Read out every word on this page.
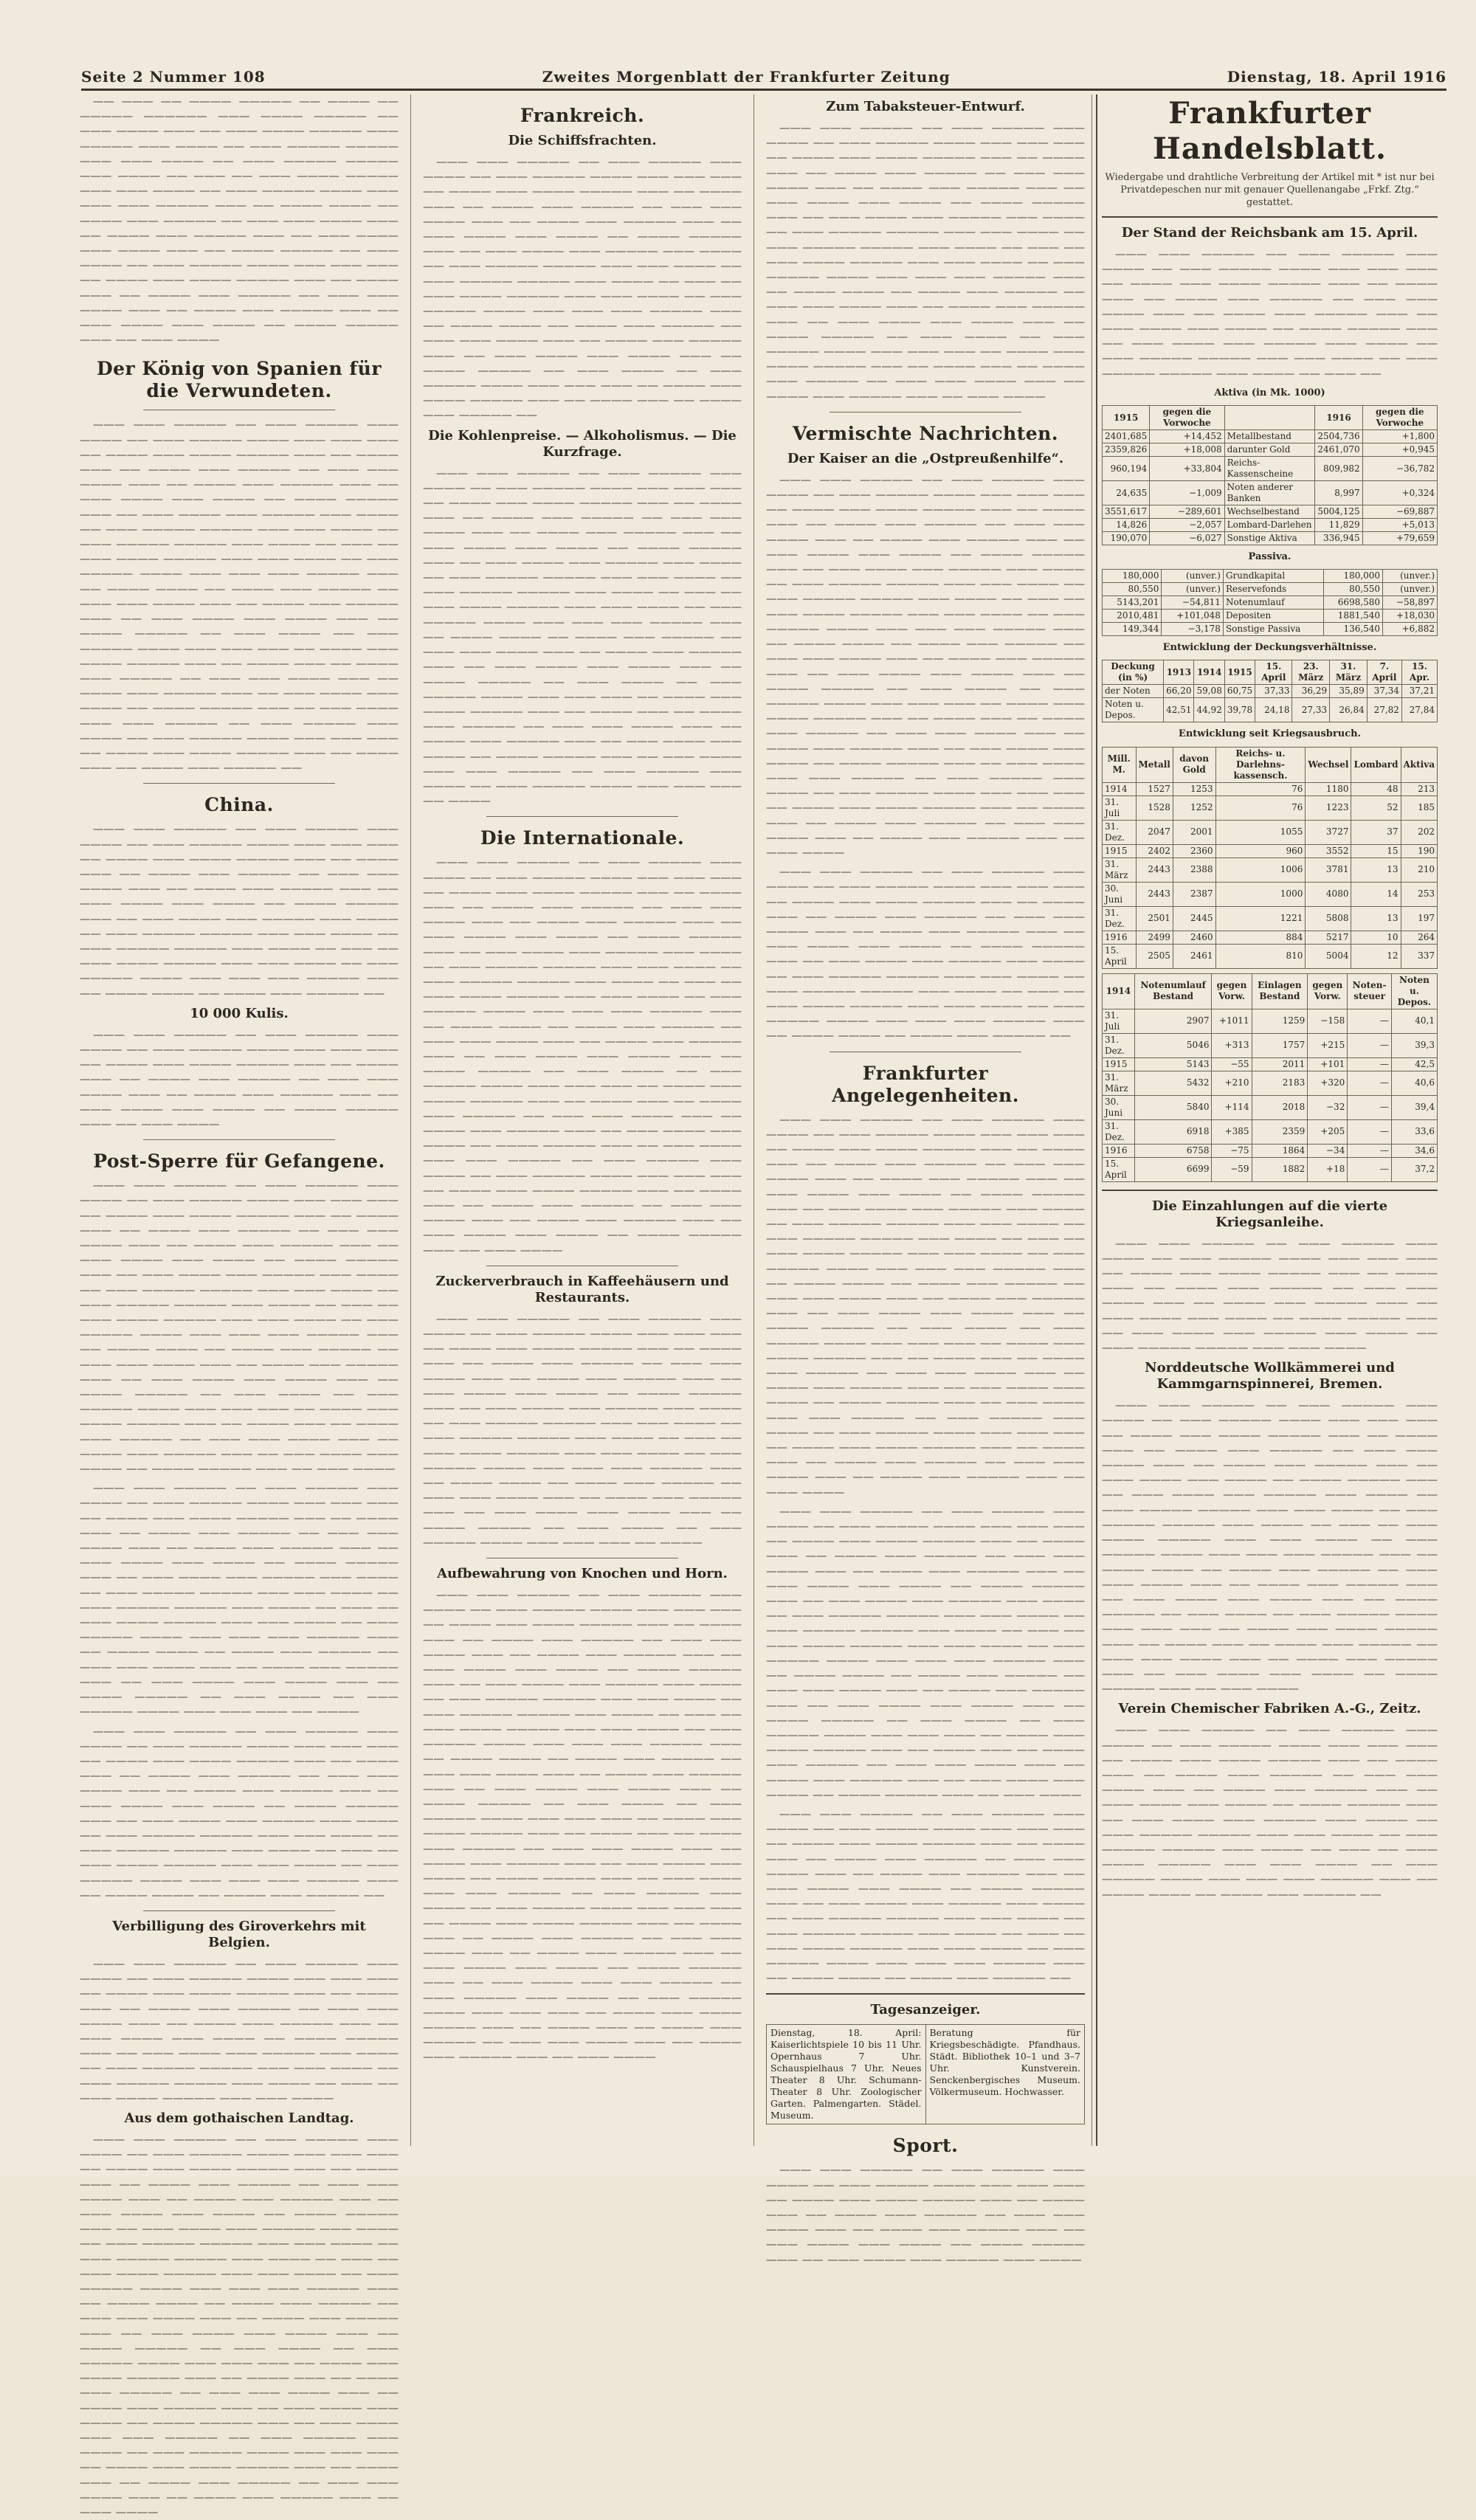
Seite 2 Nummer 108	Zweites Morgenblatt der Frankfurter Zeitung	Dienstag, 18. April 1916

—— ——— —— ———— ————— —— ———— —— ————— —————— ——— ———— ————— —— ——— ———— ——— —— ——— ———— ————— ——— ————— ——— ———— —— ——— ————— ————— ——— ——— ———— —— ——— ————— ————— ——— ———— —— ——— —— ——— ———— ————— ——— ——— ———— —— ——— ————— ———— ——— ——— ——— ————— ——— —— ———— ———— —— ———— ——— ————— —— ——— ——— ———— ——— —— ———— ——— ————— ——— —— ——— ———— ——— ———— ——— —— ———— ————— —— ——— ———— —— ——— ————— ———— ——— ——— ——— —— ———— ——— ———— ————— ——— —— ———— ——— —— ———— ——— ————— —— ——— ——— ———— ——— —— ———— ——— ————— ——— —— ——— ———— ——— ———— —— ———— ————— ——— —— ——— ————

Der König von Spanien für die Verwundeten.

——— ——— ————— —— ——— ————— ——— ———— —— ——— ————— ———— ——— ——— ——— —— ———— ——— ———— ————— ——— —— ———— ——— —— ———— ——— ————— —— ——— ——— ———— ——— —— ———— ——— ————— ——— —— ——— ———— ——— ———— —— ———— ————— ——— —— ——— ———— ——— ————— ——— ———— —— ——— ————— ————— ——— ——— ———— —— ——— ————— ————— ——— ———— —— ——— —— ——— ———— ————— ——— ——— ———— —— ——— ————— ———— ——— ——— ——— ————— ——— —— ———— ———— —— ———— ——— ————— —— ——— ——— ———— ——— —— ———— ——— ————— ——— —— ——— ———— ——— ———— ——— —— ———— ————— —— ——— ———— —— ——— ————— ———— ——— ——— ——— —— ———— ——— ———— ————— ——— —— ———— ——— —— ———— ——— ————— —— ——— ——— ———— ——— —— ———— ——— ————— ——— —— ——— ———— ——— ———— —— ———— ————— ——— —— ——— ———— ——— ——— ————— —— ——— ————— ——— ———— —— ——— ————— ———— ——— ——— ——— —— ———— ——— ———— ————— ——— —— ———— ——— —— ———— ——— ————— ——

China.

——— ——— ————— —— ——— ————— ——— ———— —— ——— ————— ———— ——— ——— ——— —— ———— ——— ———— ————— ——— —— ———— ——— —— ———— ——— ————— —— ——— ——— ———— ——— —— ———— ——— ————— ——— —— ——— ———— ——— ———— —— ———— ————— ——— —— ——— ———— ——— ————— ——— ———— —— ——— ————— ————— ——— ——— ———— —— ——— ————— ————— ——— ———— —— ——— —— ——— ———— ————— ——— ——— ———— —— ——— ————— ———— ——— ——— ——— ————— ——— —— ———— ———— —— ———— ——— ————— ——

10 000 Kulis.

——— ——— ————— —— ——— ————— ——— ———— —— ——— ————— ———— ——— ——— ——— —— ———— ——— ———— ————— ——— —— ———— ——— —— ———— ——— ————— —— ——— ——— ———— ——— —— ———— ——— ————— ——— —— ——— ———— ——— ———— —— ———— ————— ——— —— ——— ————

Post-Sperre für Gefangene.

——— ——— ————— —— ——— ————— ——— ———— —— ——— ————— ———— ——— ——— ——— —— ———— ——— ———— ————— ——— —— ———— ——— —— ———— ——— ————— —— ——— ——— ———— ——— —— ———— ——— ————— ——— —— ——— ———— ——— ———— —— ———— ————— ——— —— ——— ———— ——— ————— ——— ———— —— ——— ————— ————— ——— ——— ———— —— ——— ————— ————— ——— ———— —— ——— —— ——— ———— ————— ——— ——— ———— —— ——— ————— ———— ——— ——— ——— ————— ——— —— ———— ———— —— ———— ——— ————— —— ——— ——— ———— ——— —— ———— ——— ————— ——— —— ——— ———— ——— ———— ——— —— ———— ————— —— ——— ———— —— ——— ————— ———— ——— ——— ——— —— ———— ——— ———— ————— ——— —— ———— ——— —— ———— ——— ————— —— ——— ——— ———— ——— —— ———— ——— ————— ——— —— ——— ———— ——— ———— —— ———— ————— ——— —— ——— ————

——— ——— ————— —— ——— ————— ——— ———— —— ——— ————— ———— ——— ——— ——— —— ———— ——— ———— ————— ——— —— ———— ——— —— ———— ——— ————— —— ——— ——— ———— ——— —— ———— ——— ————— ——— —— ——— ———— ——— ———— —— ———— ————— ——— —— ——— ———— ——— ————— ——— ———— —— ——— ————— ————— ——— ——— ———— —— ——— ————— ————— ——— ———— —— ——— —— ——— ———— ————— ——— ——— ———— —— ——— ————— ———— ——— ——— ——— ————— ——— —— ———— ———— —— ———— ——— ————— —— ——— ——— ———— ——— —— ———— ——— ————— ——— —— ——— ———— ——— ———— ——— —— ———— ————— —— ——— ———— —— ——— ————— ———— ——— ——— ——— —— ————

——— ——— ————— —— ——— ————— ——— ———— —— ——— ————— ———— ——— ——— ——— —— ———— ——— ———— ————— ——— —— ———— ——— —— ———— ——— ————— —— ——— ——— ———— ——— —— ———— ——— ————— ——— —— ——— ———— ——— ———— —— ———— ————— ——— —— ——— ———— ——— ————— ——— ———— —— ——— ————— ————— ——— ——— ———— —— ——— ————— ————— ——— ———— —— ——— —— ——— ———— ————— ——— ——— ———— —— ——— ————— ———— ——— ——— ——— ————— ——— —— ———— ———— —— ———— ——— ————— ——

Verbilligung des Giroverkehrs mit Belgien.

——— ——— ————— —— ——— ————— ——— ———— —— ——— ————— ———— ——— ——— ——— —— ———— ——— ———— ————— ——— —— ———— ——— —— ———— ——— ————— —— ——— ——— ———— ——— —— ———— ——— ————— ——— —— ——— ———— ——— ———— —— ———— ————— ——— —— ——— ———— ——— ————— ——— ———— —— ——— ————— ————— ——— ——— ———— —— ——— ————— ————— ——— ———— —— ——— —— ——— ———— ————— ——— ——— ————

Aus dem gothaischen Landtag.

——— ——— ————— —— ——— ————— ——— ———— —— ——— ————— ———— ——— ——— ——— —— ———— ——— ———— ————— ——— —— ———— ——— —— ———— ——— ————— —— ——— ——— ———— ——— —— ———— ——— ————— ——— —— ——— ———— ——— ———— —— ———— ————— ——— —— ——— ———— ——— ————— ——— ———— —— ——— ————— ————— ——— ——— ———— —— ——— ————— ————— ——— ———— —— ——— —— ——— ———— ————— ——— ——— ———— —— ——— ————— ———— ——— ——— ——— ————— ——— —— ———— ———— —— ———— ——— ————— —— ——— ——— ———— ——— —— ———— ——— ————— ——— —— ——— ———— ——— ———— ——— —— ———— ————— —— ——— ———— —— ——— ————— ———— ——— ——— ——— —— ———— ——— ———— ————— ——— —— ———— ——— —— ———— ——— ————— —— ——— ——— ———— ——— —— ———— ——— ————— ——— —— ——— ———— ——— ———— —— ———— ————— ——— —— ——— ———— ——— ——— ————— —— ——— ————— ——— ———— —— ——— ————— ———— ——— ——— ——— —— ———— ——— ———— ————— ——— —— ———— ——— —— ———— ——— ————— —— ——— ——— ———— ——— —— ———— ——— ————— ——— —— ——— ————

Frankreich.
Die Schiffsfrachten.

——— ——— ————— —— ——— ————— ——— ———— —— ——— ————— ———— ——— ——— ——— —— ———— ——— ———— ————— ——— —— ———— ——— —— ———— ——— ————— —— ——— ——— ———— ——— —— ———— ——— ————— ——— —— ——— ———— ——— ———— —— ———— ————— ——— —— ——— ———— ——— ————— ——— ———— —— ——— ————— ————— ——— ——— ———— —— ——— ————— ————— ——— ———— —— ——— —— ——— ———— ————— ——— ——— ———— —— ——— ————— ———— ——— ——— ——— ————— ——— —— ———— ———— —— ———— ——— ————— —— ——— ——— ———— ——— —— ———— ——— ————— ——— —— ——— ———— ——— ———— ——— —— ———— ————— —— ——— ———— —— ——— ————— ———— ——— ——— ——— —— ———— ——— ———— ————— ——— —— ———— ——— —— ———— ——— ————— ——

Die Kohlenpreise. — Alkoholismus. — Die Kurzfrage.

——— ——— ————— —— ——— ————— ——— ———— —— ——— ————— ———— ——— ——— ——— —— ———— ——— ———— ————— ——— —— ———— ——— —— ———— ——— ————— —— ——— ——— ———— ——— —— ———— ——— ————— ——— —— ——— ———— ——— ———— —— ———— ————— ——— —— ——— ———— ——— ————— ——— ———— —— ——— ————— ————— ——— ——— ———— —— ——— ————— ————— ——— ———— —— ——— —— ——— ———— ————— ——— ——— ———— —— ——— ————— ———— ——— ——— ——— ————— ——— —— ———— ———— —— ———— ——— ————— —— ——— ——— ———— ——— —— ———— ——— ————— ——— —— ——— ———— ——— ———— ——— —— ———— ————— —— ——— ———— —— ——— ————— ———— ——— ——— ——— —— ———— ——— ———— ————— ——— —— ———— ——— —— ———— ——— ————— —— ——— ——— ———— ——— —— ———— ——— ————— ——— —— ——— ———— ——— ———— —— ———— ————— ——— —— ——— ———— ——— ——— ————— —— ——— ————— ——— ———— —— ——— ————— ———— ——— ——— ——— —— ————

Die Internationale.

——— ——— ————— —— ——— ————— ——— ———— —— ——— ————— ———— ——— ——— ——— —— ———— ——— ———— ————— ——— —— ———— ——— —— ———— ——— ————— —— ——— ——— ———— ——— —— ———— ——— ————— ——— —— ——— ———— ——— ———— —— ———— ————— ——— —— ——— ———— ——— ————— ——— ———— —— ——— ————— ————— ——— ——— ———— —— ——— ————— ————— ——— ———— —— ——— —— ——— ———— ————— ——— ——— ———— —— ——— ————— ———— ——— ——— ——— ————— ——— —— ———— ———— —— ———— ——— ————— —— ——— ——— ———— ——— —— ———— ——— ————— ——— —— ——— ———— ——— ———— ——— —— ———— ————— —— ——— ———— —— ——— ————— ———— ——— ——— ——— —— ———— ——— ———— ————— ——— —— ———— ——— —— ———— ——— ————— —— ——— ——— ———— ——— —— ———— ——— ————— ——— —— ——— ———— ——— ———— —— ———— ————— ——— —— ——— ———— ——— ——— ————— —— ——— ————— ——— ———— —— ——— ————— ———— ——— ——— ——— —— ———— ——— ———— ————— ——— —— ———— ——— —— ———— ——— ————— —— ——— ——— ———— ——— —— ———— ——— ————— ——— —— ——— ———— ——— ———— —— ———— ————— ——— —— ——— ————

Zuckerverbrauch in Kaffeehäusern und Restaurants.

——— ——— ————— —— ——— ————— ——— ———— —— ——— ————— ———— ——— ——— ——— —— ———— ——— ———— ————— ——— —— ———— ——— —— ———— ——— ————— —— ——— ——— ———— ——— —— ———— ——— ————— ——— —— ——— ———— ——— ———— —— ———— ————— ——— —— ——— ———— ——— ————— ——— ———— —— ——— ————— ————— ——— ——— ———— —— ——— ————— ————— ——— ———— —— ——— —— ——— ———— ————— ——— ——— ———— —— ——— ————— ———— ——— ——— ——— ————— ——— —— ———— ———— —— ———— ——— ————— —— ——— ——— ———— ——— —— ———— ——— ————— ——— —— ——— ———— ——— ———— ——— —— ———— ————— —— ——— ———— —— ——— ————— ———— ——— ——— ——— —— ————

Aufbewahrung von Knochen und Horn.

——— ——— ————— —— ——— ————— ——— ———— —— ——— ————— ———— ——— ——— ——— —— ———— ——— ———— ————— ——— —— ———— ——— —— ———— ——— ————— —— ——— ——— ———— ——— —— ———— ——— ————— ——— —— ——— ———— ——— ———— —— ———— ————— ——— —— ——— ———— ——— ————— ——— ———— —— ——— ————— ————— ——— ——— ———— —— ——— ————— ————— ——— ———— —— ——— —— ——— ———— ————— ——— ——— ———— —— ——— ————— ———— ——— ——— ——— ————— ——— —— ———— ———— —— ———— ——— ————— —— ——— ——— ———— ——— —— ———— ——— ————— ——— —— ——— ———— ——— ———— ——— —— ———— ————— —— ——— ———— —— ——— ————— ———— ——— ——— ——— —— ———— ——— ———— ————— ——— —— ———— ——— —— ———— ——— ————— —— ——— ——— ———— ——— —— ———— ——— ————— ——— —— ——— ———— ——— ———— —— ———— ————— ——— —— ——— ———— ——— ——— ————— —— ——— ————— ——— ———— —— ——— ————— ———— ——— ——— ——— —— ———— ——— ———— ————— ——— —— ———— ——— —— ———— ——— ————— —— ——— ——— ———— ——— —— ———— ——— ————— ——— —— ——— ———— ——— ———— —— ———— ————— ——— —— ——— ———— ——— ——— ————— —— ——— ————— ——— ———— —— ——— ————— ———— ——— ——— ——— —— ———— ——— ———— ————— ——— —— ———— ——— —— ———— ——— ————— —— ——— ——— ———— ——— —— ———— ——— ————— ——— —— ——— ————

Zum Tabaksteuer-Entwurf.

——— ——— ————— —— ——— ————— ——— ———— —— ——— ————— ———— ——— ——— ——— —— ———— ——— ———— ————— ——— —— ———— ——— —— ———— ——— ————— —— ——— ——— ———— ——— —— ———— ——— ————— ——— —— ——— ———— ——— ———— —— ———— ————— ——— —— ——— ———— ——— ————— ——— ———— —— ——— ————— ————— ——— ——— ———— —— ——— ————— ————— ——— ———— —— ——— —— ——— ———— ————— ——— ——— ———— —— ——— ————— ———— ——— ——— ——— ————— ——— —— ———— ———— —— ———— ——— ————— —— ——— ——— ———— ——— —— ———— ——— ————— ——— —— ——— ———— ——— ———— ——— —— ———— ————— —— ——— ———— —— ——— ————— ———— ——— ——— ——— —— ———— ——— ———— ————— ——— —— ———— ——— —— ———— ——— ————— —— ——— ——— ———— ——— —— ———— ——— ————— ——— —— ——— ————

Vermischte Nachrichten.
Der Kaiser an die „Ostpreußenhilfe“.

——— ——— ————— —— ——— ————— ——— ———— —— ——— ————— ———— ——— ——— ——— —— ———— ——— ———— ————— ——— —— ———— ——— —— ———— ——— ————— —— ——— ——— ———— ——— —— ———— ——— ————— ——— —— ——— ———— ——— ———— —— ———— ————— ——— —— ——— ———— ——— ————— ——— ———— —— ——— ————— ————— ——— ——— ———— —— ——— ————— ————— ——— ———— —— ——— —— ——— ———— ————— ——— ——— ———— —— ——— ————— ———— ——— ——— ——— ————— ——— —— ———— ———— —— ———— ——— ————— —— ——— ——— ———— ——— —— ———— ——— ————— ——— —— ——— ———— ——— ———— ——— —— ———— ————— —— ——— ———— —— ——— ————— ———— ——— ——— ——— —— ———— ——— ———— ————— ——— —— ———— ——— —— ———— ——— ————— —— ——— ——— ———— ——— —— ———— ——— ————— ——— —— ——— ———— ——— ———— —— ———— ————— ——— —— ——— ———— ——— ——— ————— —— ——— ————— ——— ———— —— ——— ————— ———— ——— ——— ——— —— ———— ——— ———— ————— ——— —— ———— ——— —— ———— ——— ————— —— ——— ——— ———— ——— —— ———— ——— ————— ——— —— ——— ————

——— ——— ————— —— ——— ————— ——— ———— —— ——— ————— ———— ——— ——— ——— —— ———— ——— ———— ————— ——— —— ———— ——— —— ———— ——— ————— —— ——— ——— ———— ——— —— ———— ——— ————— ——— —— ——— ———— ——— ———— —— ———— ————— ——— —— ——— ———— ——— ————— ——— ———— —— ——— ————— ————— ——— ——— ———— —— ——— ————— ————— ——— ———— —— ——— —— ——— ———— ————— ——— ——— ———— —— ——— ————— ———— ——— ——— ——— ————— ——— —— ———— ———— —— ———— ——— ————— ——

Frankfurter Angelegenheiten.

——— ——— ————— —— ——— ————— ——— ———— —— ——— ————— ———— ——— ——— ——— —— ———— ——— ———— ————— ——— —— ———— ——— —— ———— ——— ————— —— ——— ——— ———— ——— —— ———— ——— ————— ——— —— ——— ———— ——— ———— —— ———— ————— ——— —— ——— ———— ——— ————— ——— ———— —— ——— ————— ————— ——— ——— ———— —— ——— ————— ————— ——— ———— —— ——— —— ——— ———— ————— ——— ——— ———— —— ——— ————— ———— ——— ——— ——— ————— ——— —— ———— ———— —— ———— ——— ————— —— ——— ——— ———— ——— —— ———— ——— ————— ——— —— ——— ———— ——— ———— ——— —— ———— ————— —— ——— ———— —— ——— ————— ———— ——— ——— ——— —— ———— ——— ———— ————— ——— —— ———— ——— —— ———— ——— ————— —— ——— ——— ———— ——— —— ———— ——— ————— ——— —— ——— ———— ——— ———— —— ———— ————— ——— —— ——— ———— ——— ——— ————— —— ——— ————— ——— ———— —— ——— ————— ———— ——— ——— ——— —— ———— ——— ———— ————— ——— —— ———— ——— —— ———— ——— ————— —— ——— ——— ———— ——— —— ———— ——— ————— ——— —— ——— ————

——— ——— ————— —— ——— ————— ——— ———— —— ——— ————— ———— ——— ——— ——— —— ———— ——— ———— ————— ——— —— ———— ——— —— ———— ——— ————— —— ——— ——— ———— ——— —— ———— ——— ————— ——— —— ——— ———— ——— ———— —— ———— ————— ——— —— ——— ———— ——— ————— ——— ———— —— ——— ————— ————— ——— ——— ———— —— ——— ————— ————— ——— ———— —— ——— —— ——— ———— ————— ——— ——— ———— —— ——— ————— ———— ——— ——— ——— ————— ——— —— ———— ———— —— ———— ——— ————— —— ——— ——— ———— ——— —— ———— ——— ————— ——— —— ——— ———— ——— ———— ——— —— ———— ————— —— ——— ———— —— ——— ————— ———— ——— ——— ——— —— ———— ——— ———— ————— ——— —— ———— ——— —— ———— ——— ————— —— ——— ——— ———— ——— —— ———— ——— ————— ——— —— ——— ———— ——— ———— —— ———— ————— ——— —— ——— ————

——— ——— ————— —— ——— ————— ——— ———— —— ——— ————— ———— ——— ——— ——— —— ———— ——— ———— ————— ——— —— ———— ——— —— ———— ——— ————— —— ——— ——— ———— ——— —— ———— ——— ————— ——— —— ——— ———— ——— ———— —— ———— ————— ——— —— ——— ———— ——— ————— ——— ———— —— ——— ————— ————— ——— ——— ———— —— ——— ————— ————— ——— ———— —— ——— —— ——— ———— ————— ——— ——— ———— —— ——— ————— ———— ——— ——— ——— ————— ——— —— ———— ———— —— ———— ——— ————— ——

Tagesanzeiger.
Dienstag, 18. April: Kaiserlichtspiele 10 bis 11 Uhr. Opernhaus 7 Uhr. Schauspielhaus 7 Uhr. Neues Theater 8 Uhr. Schumann-Theater 8 Uhr. Zoologischer Garten. Palmengarten. Städel. Museum.
Beratung für Kriegsbeschädigte. Pfandhaus. Städt. Bibliothek 10–1 und 3–7 Uhr. Kunstverein. Senckenbergisches Museum. Völkermuseum. Hochwasser.
Sport.

——— ——— ————— —— ——— ————— ——— ———— —— ——— ————— ———— ——— ——— ——— —— ———— ——— ———— ————— ——— —— ———— ——— —— ———— ——— ————— —— ——— ——— ———— ——— —— ———— ——— ————— ——— —— ——— ———— ——— ———— —— ———— ————— ——— —— ——— ———— ——— ————— ——— ————

Frankfurter Handelsblatt.
Wiedergabe und drahtliche Verbreitung der Artikel mit * ist nur bei Privatdepeschen nur mit genauer Quellenangabe „Frkf. Ztg.“ gestattet.
Der Stand der Reichsbank am 15. April.

——— ——— ————— —— ——— ————— ——— ———— —— ——— ————— ———— ——— ——— ——— —— ———— ——— ———— ————— ——— —— ———— ——— —— ———— ——— ————— —— ——— ——— ———— ——— —— ———— ——— ————— ——— —— ——— ———— ——— ———— —— ———— ————— ——— —— ——— ———— ——— ————— ——— ———— —— ——— ————— ————— ——— ——— ———— —— ——— ————— ————— ——— ———— —— ——— ——

Aktiva (in Mk. 1000)
1915	gegen die Vorwoche		1916	gegen die Vorwoche
2401,685	+14,452	Metallbestand	2504,736	+1,800
2359,826	+18,008	darunter Gold	2461,070	+0,945
960,194	+33,804	Reichs-Kassenscheine	809,982	−36,782
24,635	−1,009	Noten anderer Banken	8,997	+0,324
3551,617	−289,601	Wechselbestand	5004,125	−69,887
14,826	−2,057	Lombard-Darlehen	11,829	+5,013
190,070	−6,027	Sonstige Aktiva	336,945	+79,659
Passiva.
180,000	(unver.)	Grundkapital	180,000	(unver.)
80,550	(unver.)	Reservefonds	80,550	(unver.)
5143,201	−54,811	Notenumlauf	6698,580	−58,897
2010,481	+101,048	Depositen	1881,540	+18,030
149,344	−3,178	Sonstige Passiva	136,540	+6,882
Entwicklung der Deckungsverhältnisse.
Deckung (in %)	1913	1914	1915	15. April	23. März	31. März	7. April	15. Apr.
der Noten	66,20	59,08	60,75	37,33	36,29	35,89	37,34	37,21
Noten u. Depos.	42,51	44,92	39,78	24,18	27,33	26,84	27,82	27,84
Entwicklung seit Kriegsausbruch.
Mill. M.	Metall	davon Gold	Reichs- u. Darlehns-kassensch.	Wechsel	Lombard	Aktiva
1914	1527	1253	76	1180	48	213
31. Juli	1528	1252	76	1223	52	185
31. Dez.	2047	2001	1055	3727	37	202
1915	2402	2360	960	3552	15	190
31. März	2443	2388	1006	3781	13	210
30. Juni	2443	2387	1000	4080	14	253
31. Dez.	2501	2445	1221	5808	13	197
1916	2499	2460	884	5217	10	264
15. April	2505	2461	810	5004	12	337
1914	Notenumlauf Bestand	gegen Vorw.	Einlagen Bestand	gegen Vorw.	Noten-steuer	Noten u. Depos.
31. Juli	2907	+1011	1259	−158	—	40,1
31. Dez.	5046	+313	1757	+215	—	39,3
1915	5143	−55	2011	+101	—	42,5
31. März	5432	+210	2183	+320	—	40,6
30. Juni	5840	+114	2018	−32	—	39,4
31. Dez.	6918	+385	2359	+205	—	33,6
1916	6758	−75	1864	−34	—	34,6
15. April	6699	−59	1882	+18	—	37,2
Die Einzahlungen auf die vierte Kriegsanleihe.

——— ——— ————— —— ——— ————— ——— ———— —— ——— ————— ———— ——— ——— ——— —— ———— ——— ———— ————— ——— —— ———— ——— —— ———— ——— ————— —— ——— ——— ———— ——— —— ———— ——— ————— ——— —— ——— ———— ——— ———— —— ———— ————— ——— —— ——— ———— ——— ————— ——— ———— —— ——— ————— ————— ——— ——— ————

Norddeutsche Wollkämmerei und Kammgarnspinnerei, Bremen.

——— ——— ————— —— ——— ————— ——— ———— —— ——— ————— ———— ——— ——— ——— —— ———— ——— ———— ————— ——— —— ———— ——— —— ———— ——— ————— —— ——— ——— ———— ——— —— ———— ——— ————— ——— —— ——— ———— ——— ———— —— ———— ————— ——— —— ——— ———— ——— ————— ——— ———— —— ——— ————— ————— ——— ——— ———— —— ——— ————— ————— ——— ———— —— ——— —— ——— ———— ————— ——— ——— ———— —— ——— ————— ———— ——— ——— ——— ————— ——— —— ———— ———— —— ———— ——— ————— —— ——— ——— ———— ——— —— ———— ——— ————— ——— —— ——— ———— ——— ———— ——— —— ———— ————— —— ——— ———— —— ——— ————— ———— ——— ——— ——— —— ———— ——— ———— ————— ——— —— ———— ——— —— ———— ——— ————— —— ——— ——— ———— ——— —— ———— ——— ————— ——— —— ——— ———— ——— ———— —— ———— ————— ——— —— ——— ————

Verein Chemischer Fabriken A.-G., Zeitz.

——— ——— ————— —— ——— ————— ——— ———— —— ——— ————— ———— ——— ——— ——— —— ———— ——— ———— ————— ——— —— ———— ——— —— ———— ——— ————— —— ——— ——— ———— ——— —— ———— ——— ————— ——— —— ——— ———— ——— ———— —— ———— ————— ——— —— ——— ———— ——— ————— ——— ———— —— ——— ————— ————— ——— ——— ———— —— ——— ————— ————— ——— ———— —— ——— —— ——— ———— ————— ——— ——— ———— —— ——— ————— ———— ——— ——— ——— ————— ——— —— ———— ———— —— ———— ——— ————— ——
